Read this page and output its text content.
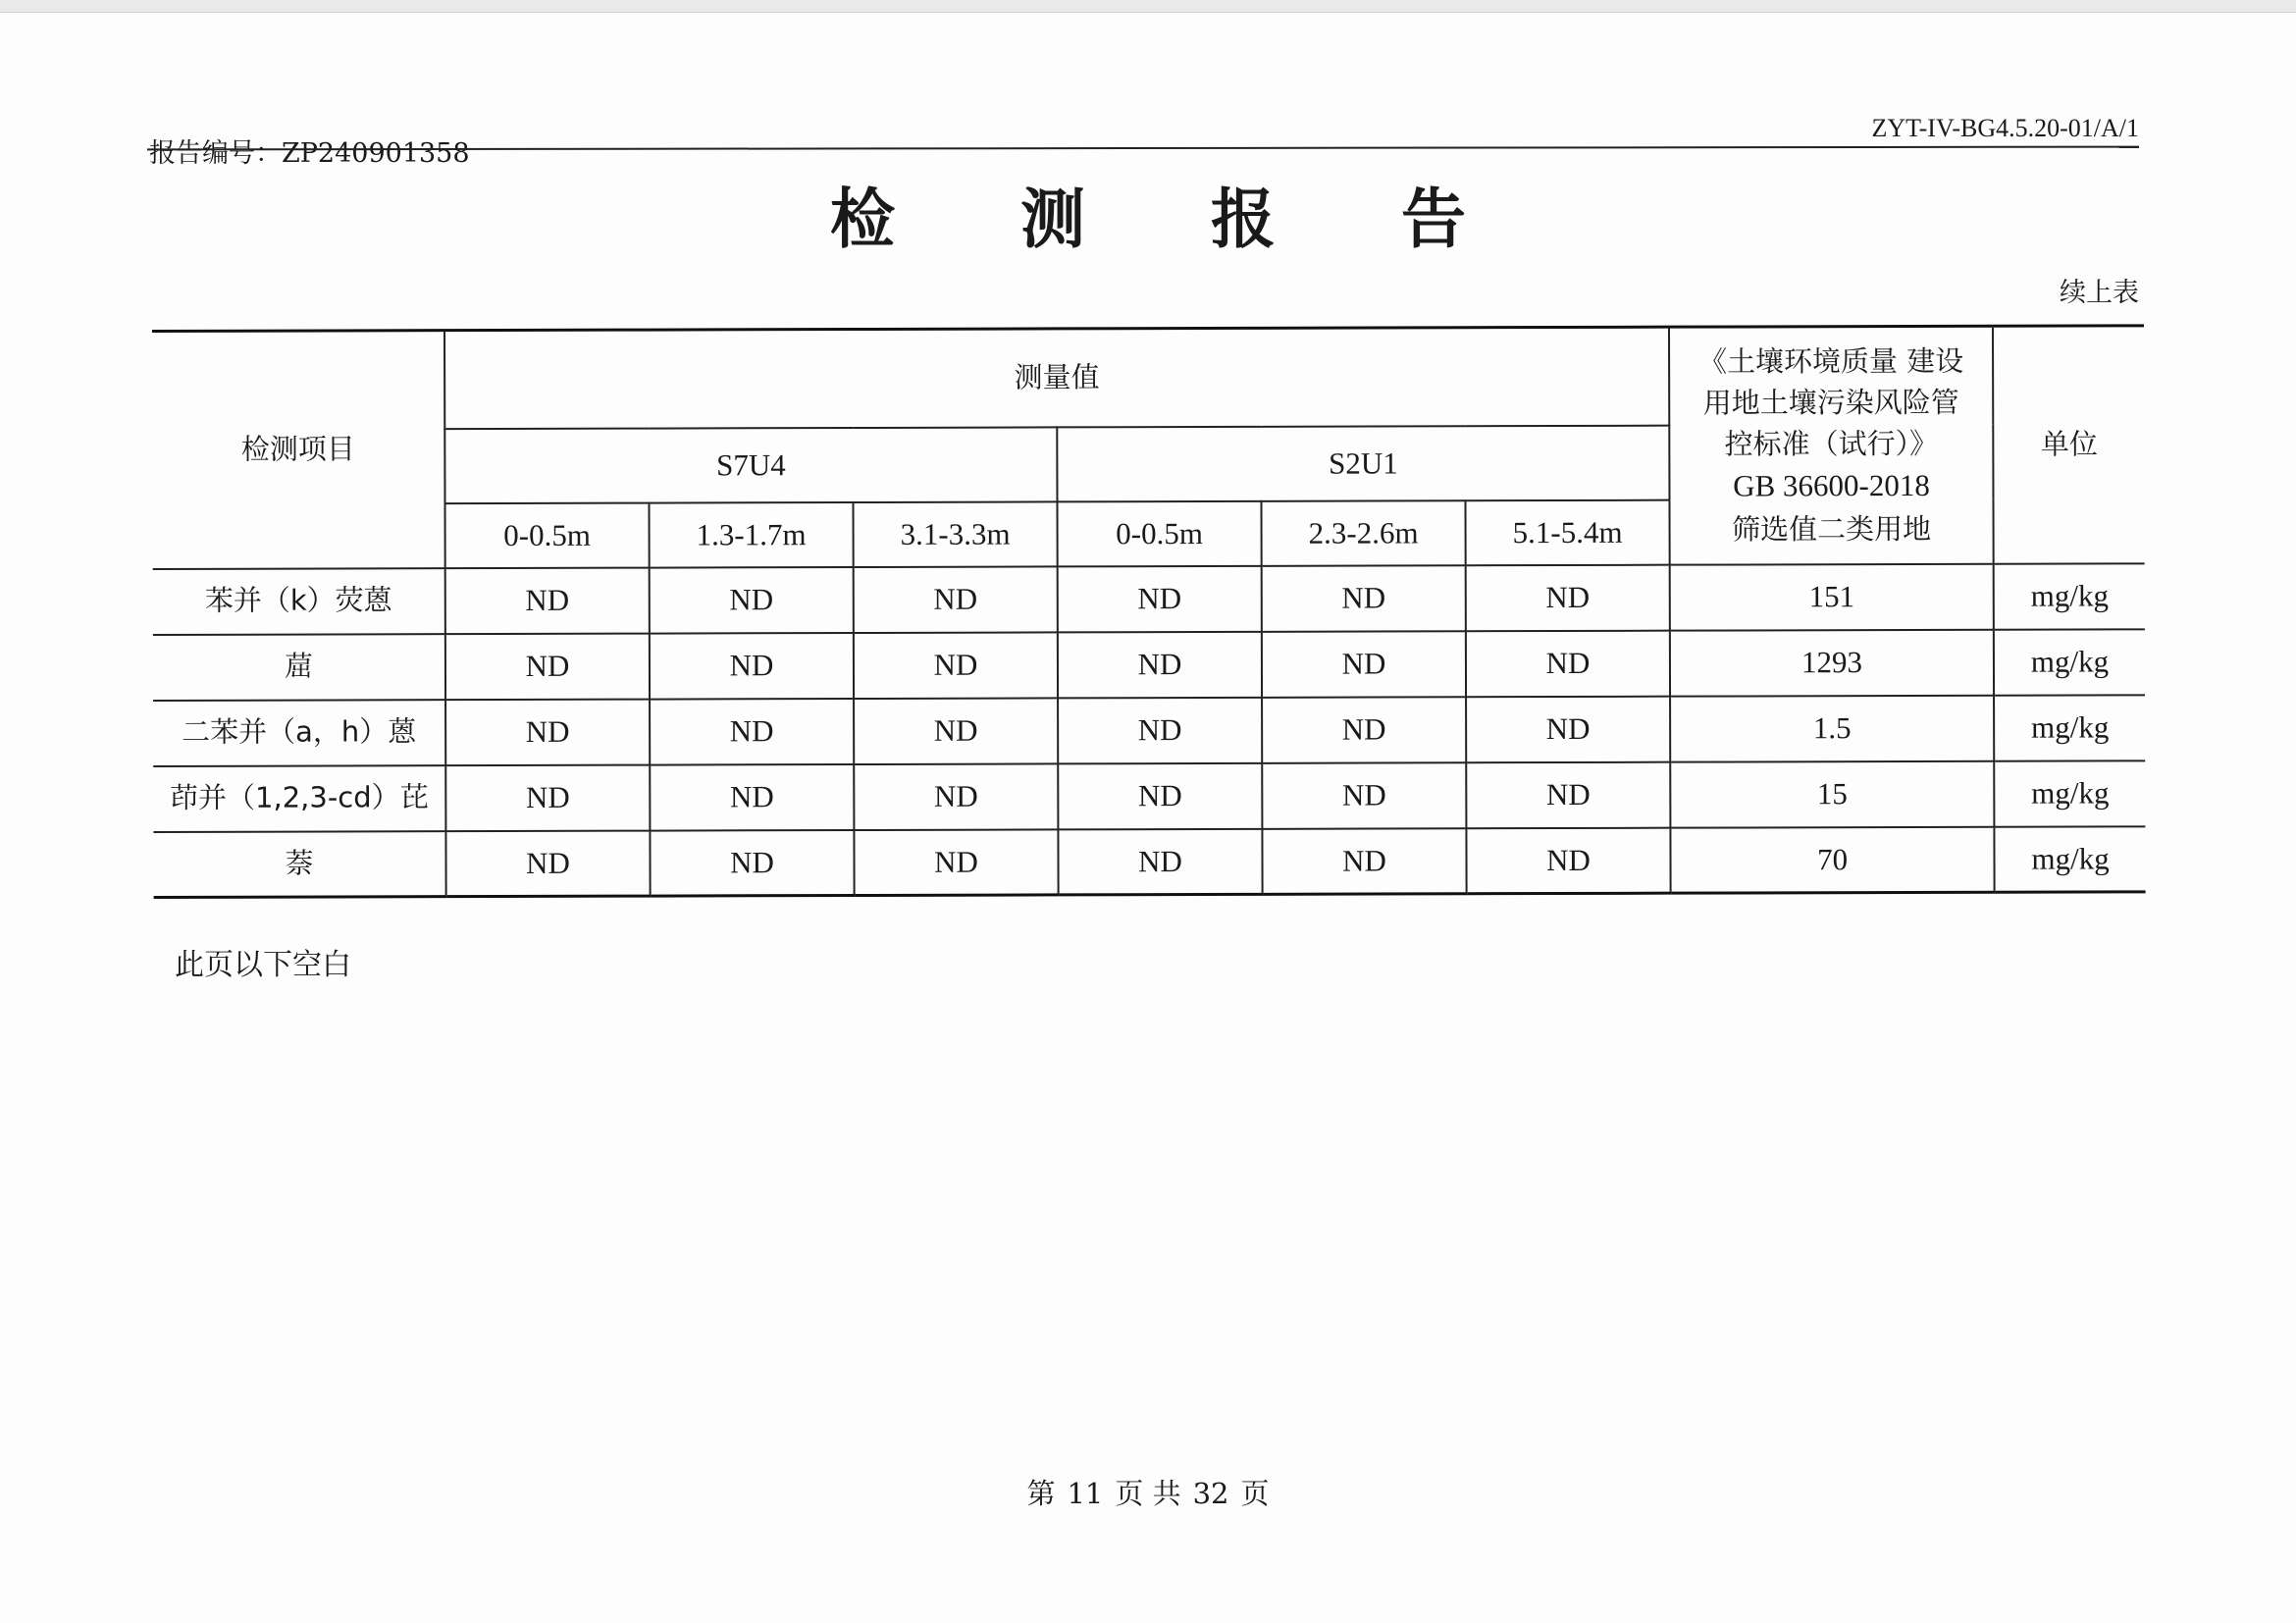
报告编号：ZP240901358
ZYT-IV-BG4.5.20-01/A/1
检测报告
续上表
检测项目	测量值						《土壤环境质量 建设
用地土壤污染风险管
控标准（试行）》
GB 36600-2018
筛选值二类用地	单位
	S7U4			S2U1				
	0-0.5m	1.3-1.7m	3.1-3.3m	0-0.5m	2.3-2.6m	5.1-5.4m		
苯并（k）荧蒽	ND	ND	ND	ND	ND	ND	151	mg/kg
䓛	ND	ND	ND	ND	ND	ND	1293	mg/kg
二苯并（a，h）蒽	ND	ND	ND	ND	ND	ND	1.5	mg/kg
茚并（1,2,3-cd）芘	ND	ND	ND	ND	ND	ND	15	mg/kg
萘	ND	ND	ND	ND	ND	ND	70	mg/kg
此页以下空白
第 11 页 共 32 页
